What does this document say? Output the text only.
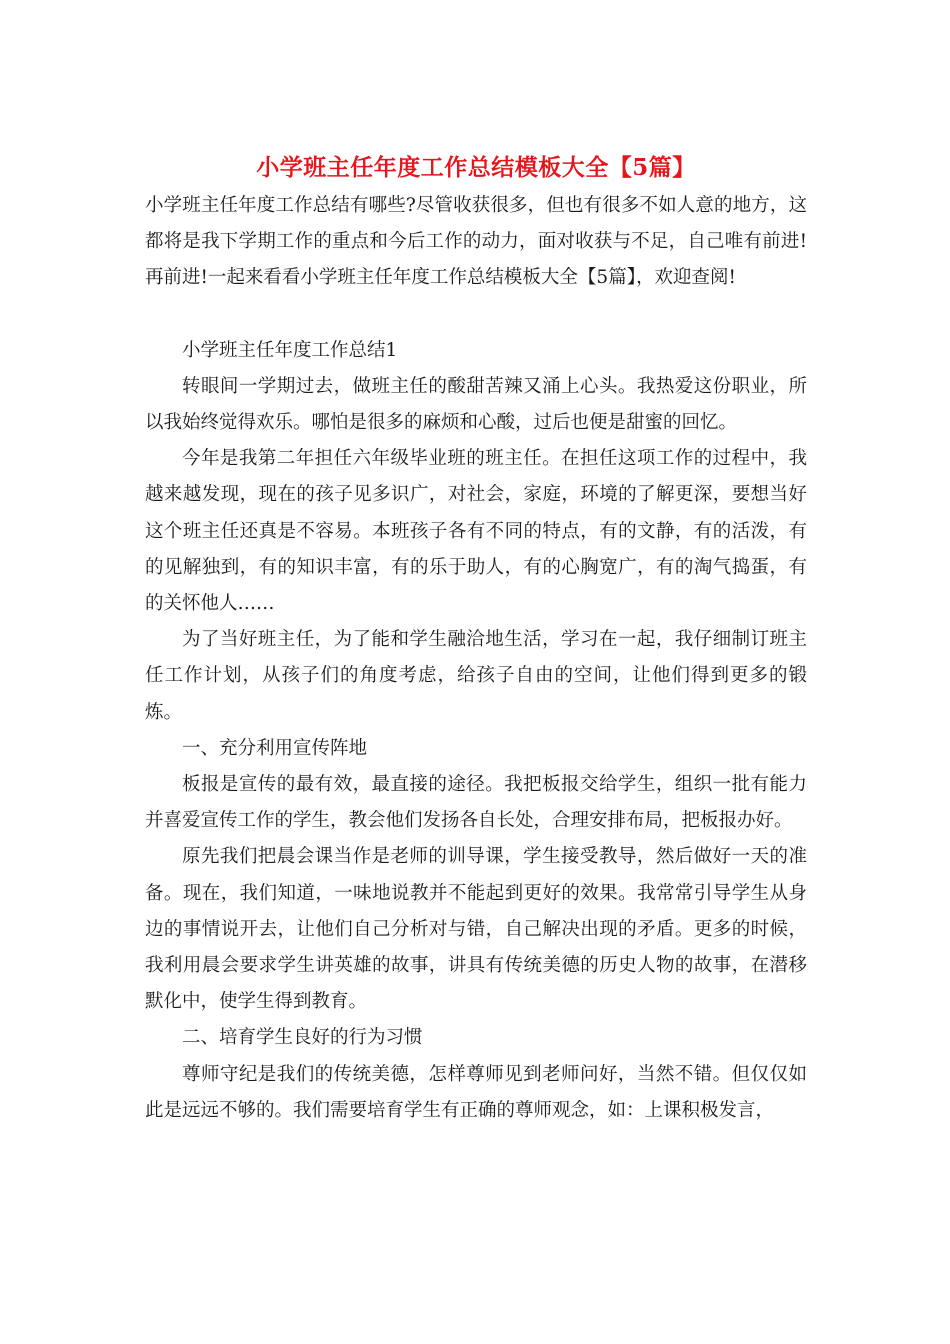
小学班主任年度工作总结模板大全【5篇】

小学班主任年度工作总结有哪些?尽管收获很多，但也有很多不如人意的地方，这都将是我下学期工作的重点和今后工作的动力，面对收获与不足，自己唯有前进!再前进!一起来看看小学班主任年度工作总结模板大全【5篇】，欢迎查阅!

小学班主任年度工作总结1

转眼间一学期过去，做班主任的酸甜苦辣又涌上心头。我热爱这份职业，所以我始终觉得欢乐。哪怕是很多的麻烦和心酸，过后也便是甜蜜的回忆。

今年是我第二年担任六年级毕业班的班主任。在担任这项工作的过程中，我越来越发现，现在的孩子见多识广，对社会，家庭，环境的了解更深，要想当好这个班主任还真是不容易。本班孩子各有不同的特点，有的文静，有的活泼，有的见解独到，有的知识丰富，有的乐于助人，有的心胸宽广，有的淘气捣蛋，有的关怀他人……

为了当好班主任，为了能和学生融洽地生活，学习在一起，我仔细制订班主任工作计划，从孩子们的角度考虑，给孩子自由的空间，让他们得到更多的锻炼。

一、充分利用宣传阵地

板报是宣传的最有效，最直接的途径。我把板报交给学生，组织一批有能力并喜爱宣传工作的学生，教会他们发扬各自长处，合理安排布局，把板报办好。

原先我们把晨会课当作是老师的训导课，学生接受教导，然后做好一天的准备。现在，我们知道，一味地说教并不能起到更好的效果。我常常引导学生从身边的事情说开去，让他们自己分析对与错，自己解决出现的矛盾。更多的时候，我利用晨会要求学生讲英雄的故事，讲具有传统美德的历史人物的故事，在潜移默化中，使学生得到教育。

二、培育学生良好的行为习惯

尊师守纪是我们的传统美德，怎样尊师见到老师问好，当然不错。但仅仅如此是远远不够的。我们需要培育学生有正确的尊师观念，如：上课积极发言，
